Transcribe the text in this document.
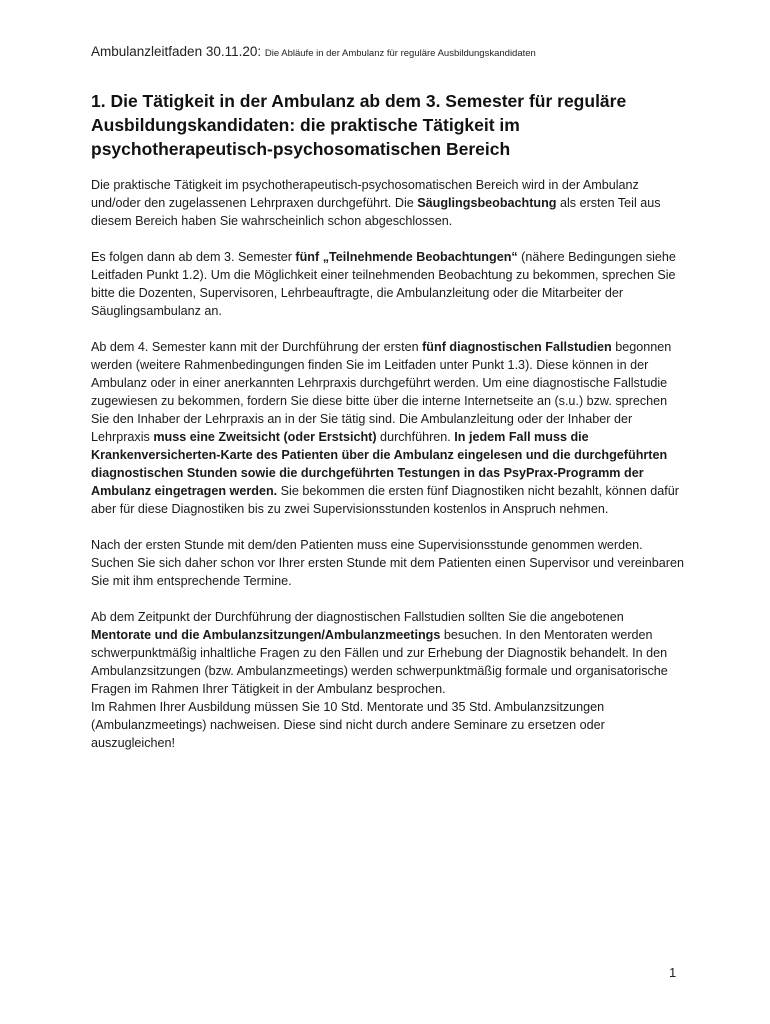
Ambulanzleitfaden 30.11.20: Die Abläufe in der Ambulanz für reguläre Ausbildungskandidaten
1. Die Tätigkeit in der Ambulanz ab dem 3. Semester für reguläre Ausbildungskandidaten: die praktische Tätigkeit im psychotherapeutisch-psychosomatischen Bereich

Die praktische Tätigkeit im psychotherapeutisch-psychosomatischen Bereich wird in der Ambulanz und/oder den zugelassenen Lehrpraxen durchgeführt. Die Säuglingsbeobachtung als ersten Teil aus diesem Bereich haben Sie wahrscheinlich schon abgeschlossen.

Es folgen dann ab dem 3. Semester fünf „Teilnehmende Beobachtungen“ (nähere Bedingungen siehe Leitfaden Punkt 1.2). Um die Möglichkeit einer teilnehmenden Beobachtung zu bekommen, sprechen Sie bitte die Dozenten, Supervisoren, Lehrbeauftragte, die Ambulanzleitung oder die Mitarbeiter der Säuglingsambulanz an.

Ab dem 4. Semester kann mit der Durchführung der ersten fünf diagnostischen Fallstudien begonnen werden (weitere Rahmenbedingungen finden Sie im Leitfaden unter Punkt 1.3). Diese können in der Ambulanz oder in einer anerkannten Lehrpraxis durchgeführt werden. Um eine diagnostische Fallstudie zugewiesen zu bekommen, fordern Sie diese bitte über die interne Internetseite an (s.u.) bzw. sprechen Sie den Inhaber der Lehrpraxis an in der Sie tätig sind. Die Ambulanzleitung oder der Inhaber der Lehrpraxis muss eine Zweitsicht (oder Erstsicht) durchführen. In jedem Fall muss die Krankenversicherten-Karte des Patienten über die Ambulanz eingelesen und die durchgeführten diagnostischen Stunden sowie die durchgeführten Testungen in das PsyPrax-Programm der Ambulanz eingetragen werden. Sie bekommen die ersten fünf Diagnostiken nicht bezahlt, können dafür aber für diese Diagnostiken bis zu zwei Supervisionsstunden kostenlos in Anspruch nehmen.

Nach der ersten Stunde mit dem/den Patienten muss eine Supervisionsstunde genommen werden. Suchen Sie sich daher schon vor Ihrer ersten Stunde mit dem Patienten einen Supervisor und vereinbaren Sie mit ihm entsprechende Termine.

Ab dem Zeitpunkt der Durchführung der diagnostischen Fallstudien sollten Sie die angebotenen Mentorate und die Ambulanzsitzungen/Ambulanzmeetings besuchen. In den Mentoraten werden schwerpunktmäßig inhaltliche Fragen zu den Fällen und zur Erhebung der Diagnostik behandelt. In den Ambulanzsitzungen (bzw. Ambulanzmeetings) werden schwerpunktmäßig formale und organisatorische Fragen im Rahmen Ihrer Tätigkeit in der Ambulanz besprochen.

Im Rahmen Ihrer Ausbildung müssen Sie 10 Std. Mentorate und 35 Std. Ambulanzsitzungen (Ambulanzmeetings) nachweisen. Diese sind nicht durch andere Seminare zu ersetzen oder auszugleichen!

1
